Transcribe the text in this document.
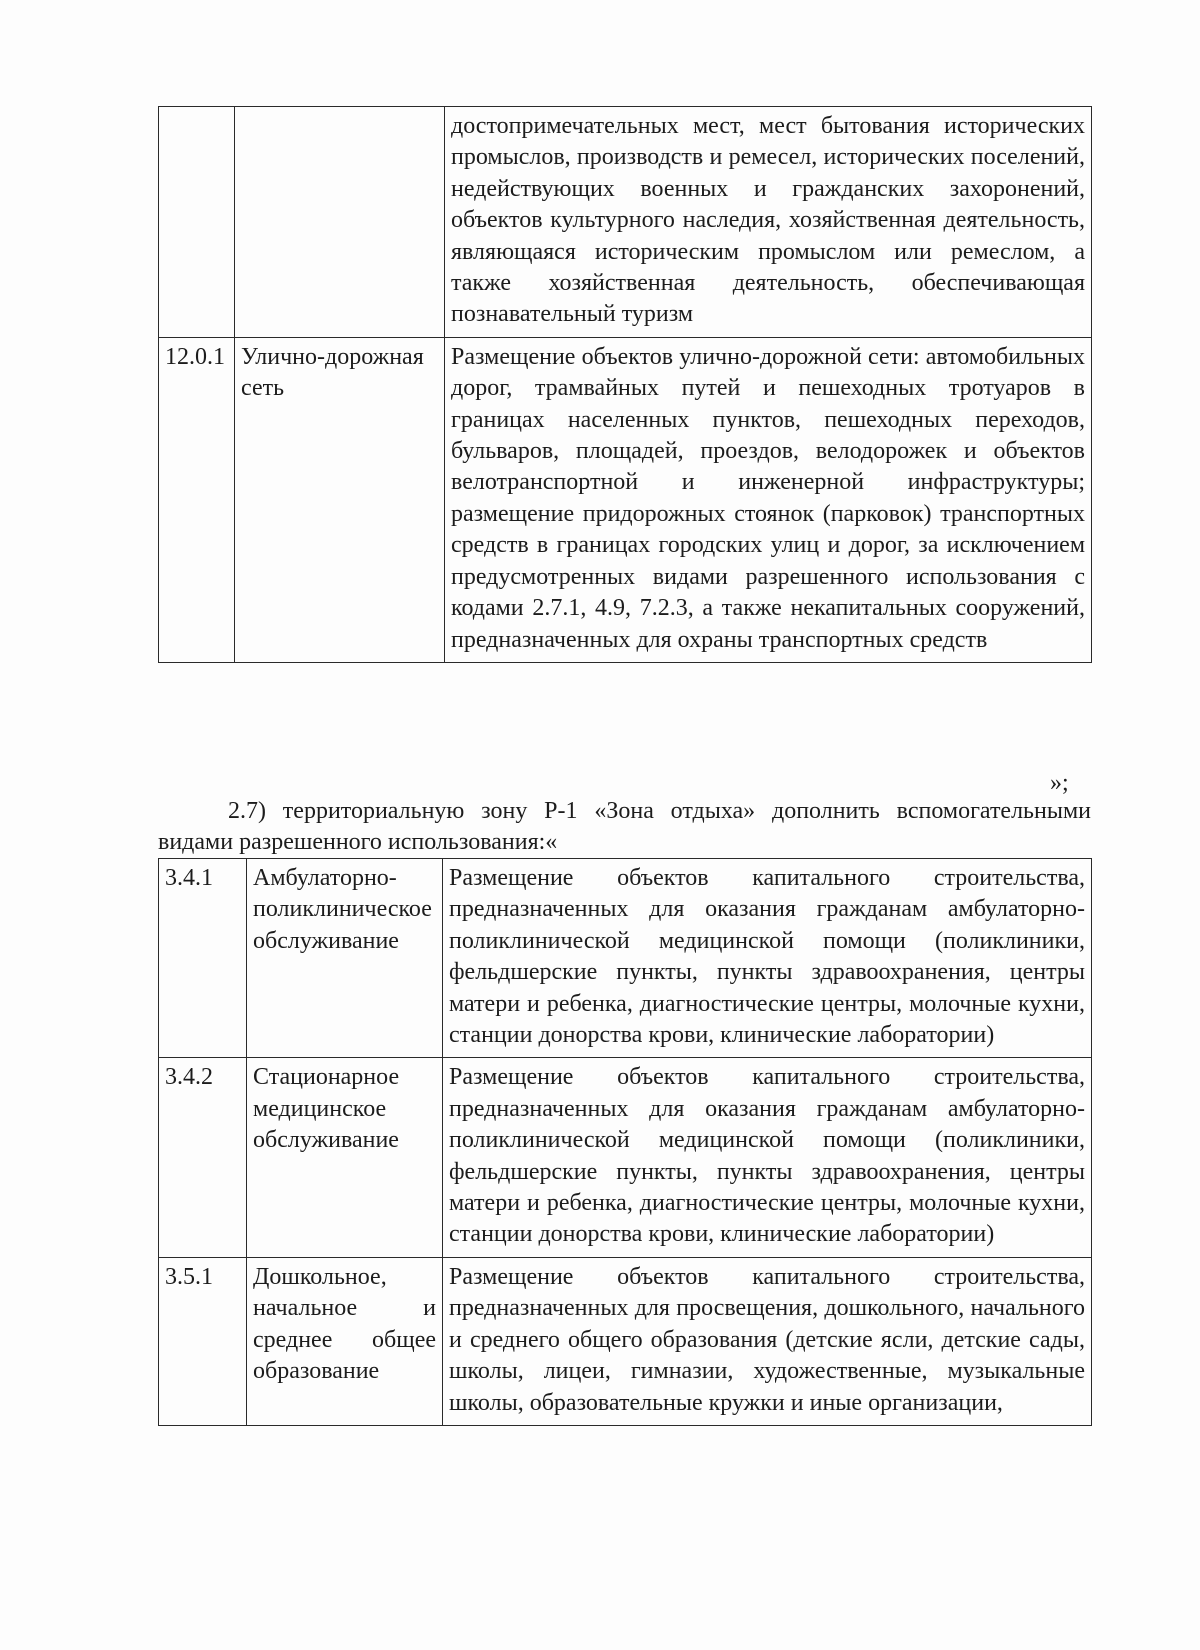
		достопримечательных мест, мест бытования исторических промыслов, производств и ремесел, исторических поселений, недействующих военных и гражданских захоронений, объектов культурного наследия, хозяйственная деятельность, являющаяся историческим промыслом или ремеслом, а также хозяйственная деятельность, обеспечивающая познавательный туризм
12.0.1	Улично-дорожная сеть	Размещение объектов улично-дорожной сети: автомобильных дорог, трамвайных путей и пешеходных тротуаров в границах населенных пунктов, пешеходных переходов, бульваров, площадей, проездов, велодорожек и объектов велотранспортной и инженерной инфраструктуры; размещение придорожных стоянок (парковок) транспортных средств в границах городских улиц и дорог, за исключением предусмотренных видами разрешенного использования с кодами 2.7.1, 4.9, 7.2.3, а также некапитальных сооружений, предназначенных для охраны транспортных средств
»;

2.7) территориальную зону Р-1 «Зона отдыха» дополнить вспомогательными видами разрешенного использования:«

3.4.1	Амбулаторно-поликлиническое обслуживание	Размещение объектов капитального строительства, предназначенных для оказания гражданам амбулаторно-поликлинической медицинской помощи (поликлиники, фельдшерские пункты, пункты здравоохранения, центры матери и ребенка, диагностические центры, молочные кухни, станции донорства крови, клинические лаборатории)
3.4.2	Стационарное медицинское обслуживание	Размещение объектов капитального строительства, предназначенных для оказания гражданам амбулаторно-поликлинической медицинской помощи (поликлиники, фельдшерские пункты, пункты здравоохранения, центры матери и ребенка, диагностические центры, молочные кухни, станции донорства крови, клинические лаборатории)
3.5.1	Дошкольное, начальное и среднее общее образование	Размещение объектов капитального строительства, предназначенных для просвещения, дошкольного, начального и среднего общего образования (детские ясли, детские сады, школы, лицеи, гимназии, художественные, музыкальные школы, образовательные кружки и иные организации,
